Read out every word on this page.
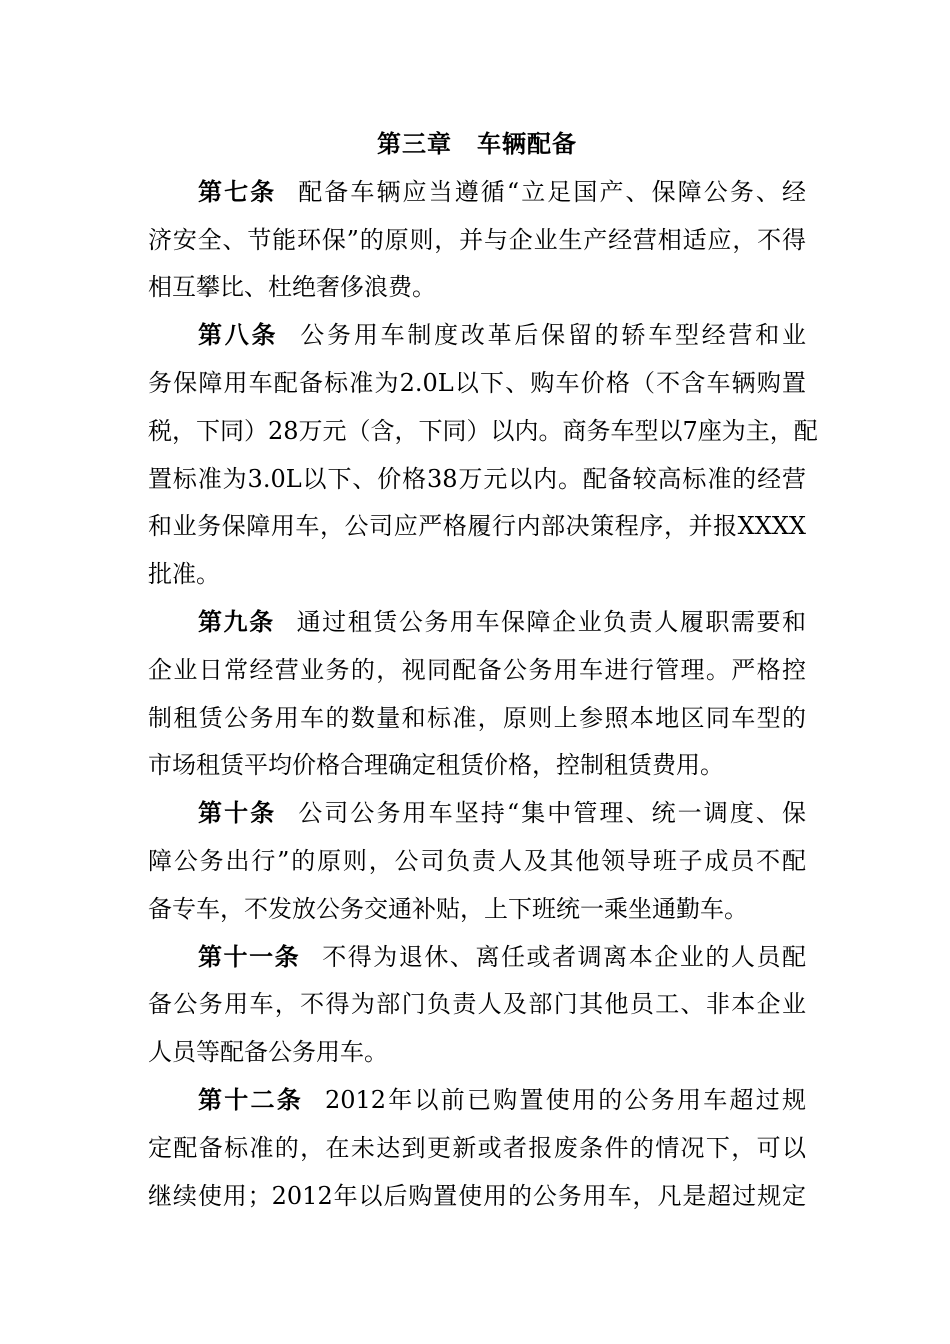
第三章　车辆配备
第七条 配备车辆应当遵循“立足国产、保障公务、经
济安全、节能环保”的原则，并与企业生产经营相适应，不得
相互攀比、杜绝奢侈浪费。
第八条 公务用车制度改革后保留的轿车型经营和业
务保障用车配备标准为2.0L以下、购车价格（不含车辆购置
税，下同）28万元（含，下同）以内。商务车型以7座为主，配
置标准为3.0L以下、价格38万元以内。配备较高标准的经营
和业务保障用车，公司应严格履行内部决策程序，并报XXXX
批准。
第九条 通过租赁公务用车保障企业负责人履职需要和
企业日常经营业务的，视同配备公务用车进行管理。严格控
制租赁公务用车的数量和标准，原则上参照本地区同车型的
市场租赁平均价格合理确定租赁价格，控制租赁费用。
第十条 公司公务用车坚持“集中管理、统一调度、保
障公务出行”的原则，公司负责人及其他领导班子成员不配
备专车，不发放公务交通补贴，上下班统一乘坐通勤车。
第十一条 不得为退休、离任或者调离本企业的人员配
备公务用车，不得为部门负责人及部门其他员工、非本企业
人员等配备公务用车。
第十二条 2012年以前已购置使用的公务用车超过规
定配备标准的，在未达到更新或者报废条件的情况下，可以
继续使用；2012年以后购置使用的公务用车，凡是超过规定
